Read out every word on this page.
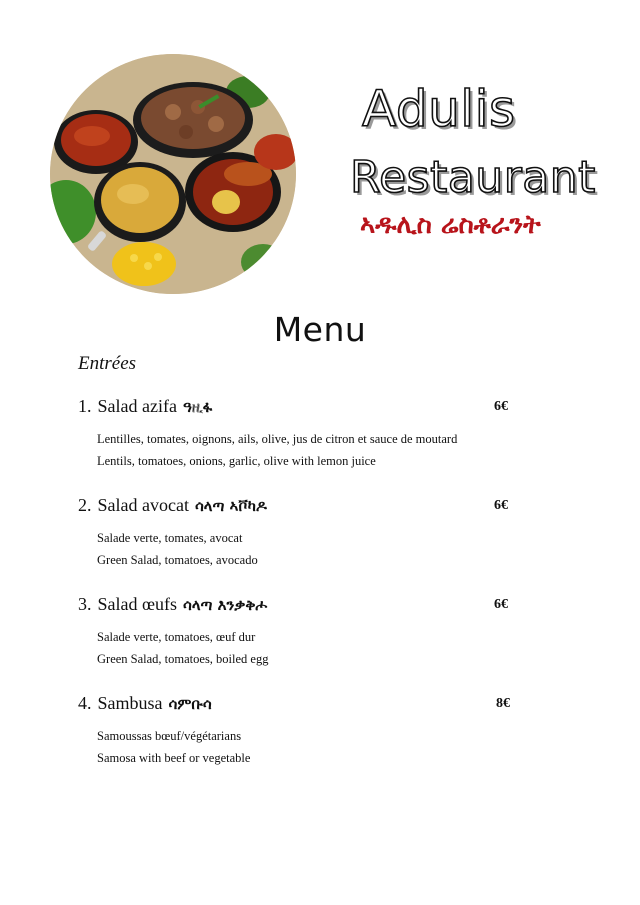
Adulis
Restaurant
ኣዱሊስ ሬስቶራንት
Menu
Entrées
1. Salad azifa ዓዚፋ	6€
Lentilles, tomates, oignons, ails, olive, jus de citron et sauce de moutard
Lentils, tomatoes, onions, garlic, olive with lemon juice
2. Salad avocat ሳላጣ ኣቮካዶ	6€
Salade verte, tomates, avocat
Green Salad, tomatoes, avocado
3. Salad œufs ሳላጣ እንቃቅሖ	6€
Salade verte, tomatoes, œuf dur
Green Salad, tomatoes, boiled egg
4. Sambusa ሳምቡሳ	8€
Samoussas bœuf/végétarians
Samosa with beef or vegetable
